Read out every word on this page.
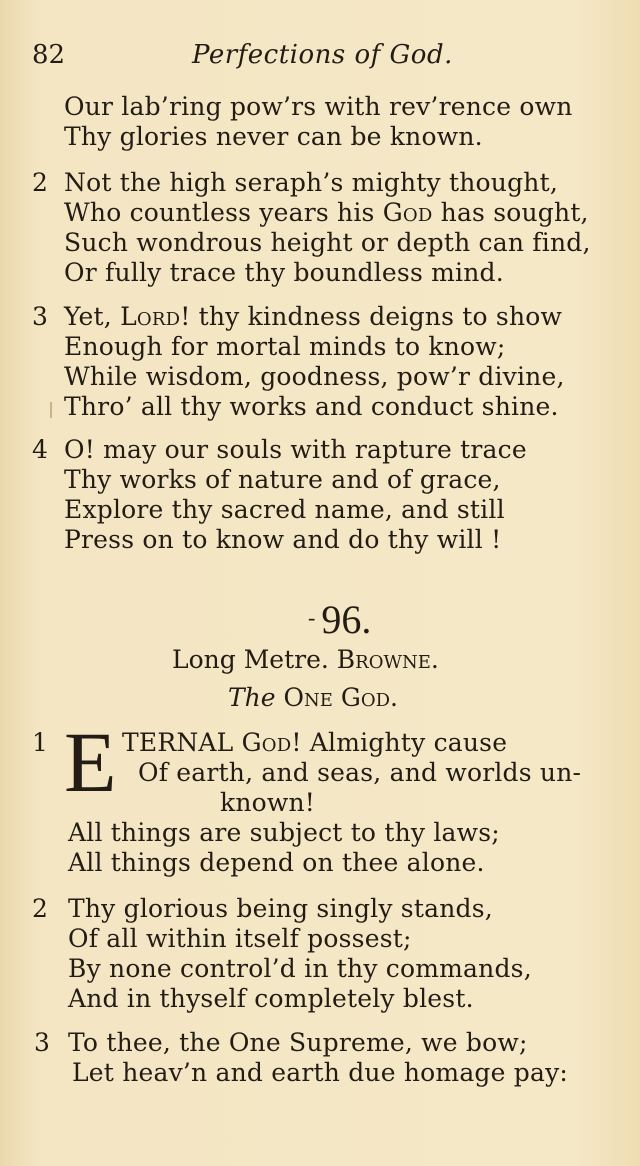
82	Perfections of God.
Our lab’ring pow’rs with rev’rence own
Thy glories never can be known.
2 Not the high seraph’s mighty thought,
Who countless years his God has sought,
Such wondrous height or depth can find,
Or fully trace thy boundless mind.
3 Yet, Lord! thy kindness deigns to show
Enough for mortal minds to know;
While wisdom, goodness, pow’r divine,
Thro’ all thy works and conduct shine.
4 O! may our souls with rapture trace
Thy works of nature and of grace,
Explore thy sacred name, and still
Press on to know and do thy will !
- 96.
Long Metre. Browne.
The One God.
1 E TERNAL God! Almighty cause
Of earth, and seas, and worlds un-
known!
All things are subject to thy laws;
All things depend on thee alone.
2 Thy glorious being singly stands,
Of all within itself possest;
By none control’d in thy commands,
And in thyself completely blest.
3 To thee, the One Supreme, we bow;
Let heav’n and earth due homage pay:
